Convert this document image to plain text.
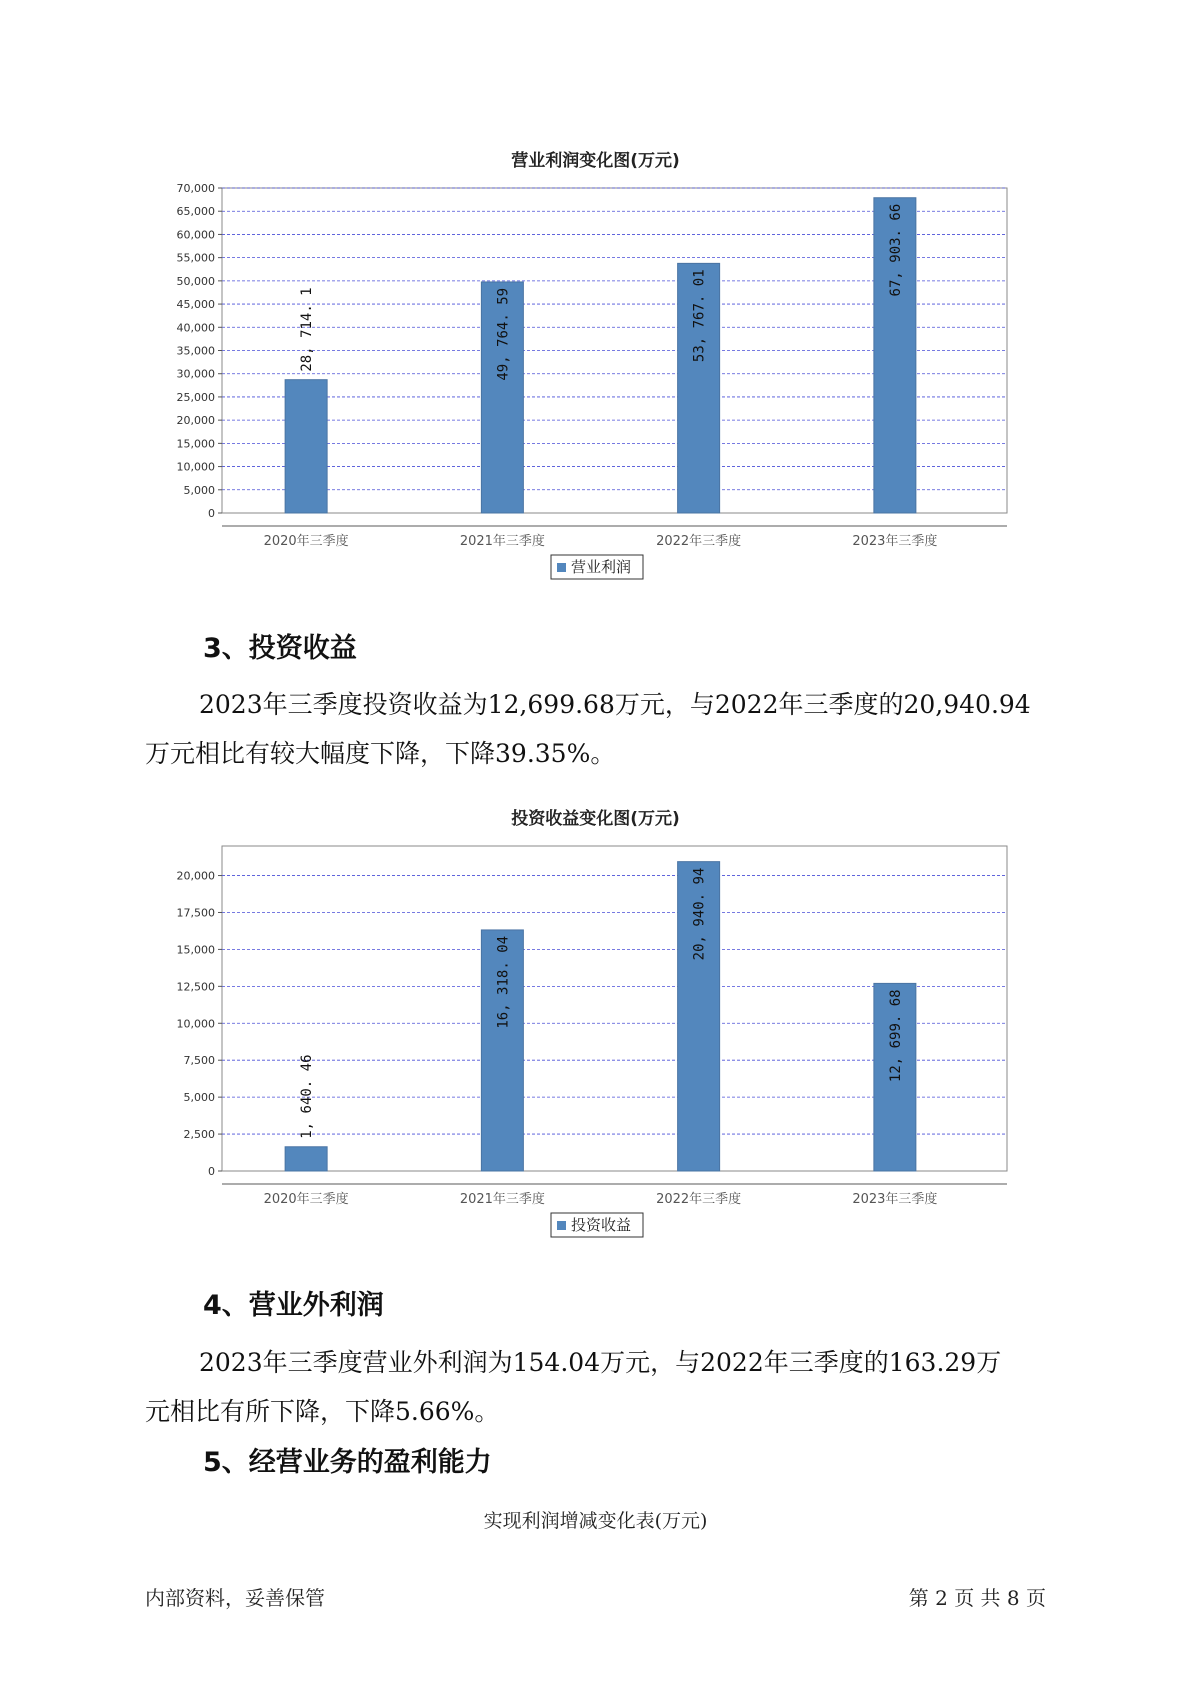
营业利润变化图(万元)
0
5,000
10,000
15,000
20,000
25,000
30,000
35,000
40,000
45,000
50,000
55,000
60,000
65,000
70,000
28, 714. 1
2020年三季度
49, 764. 59
2021年三季度
53, 767. 01
2022年三季度
67, 903. 66
2023年三季度
营业利润
3、投资收益

2023年三季度投资收益为12,699.68万元，与2022年三季度的20,940.94
万元相比有较大幅度下降，下降39.35%。

投资收益变化图(万元)
0
2,500
5,000
7,500
10,000
12,500
15,000
17,500
20,000
1, 640. 46
2020年三季度
16, 318. 04
2021年三季度
20, 940. 94
2022年三季度
12, 699. 68
2023年三季度
投资收益
4、营业外利润

2023年三季度营业外利润为154.04万元，与2022年三季度的163.29万
元相比有所下降，下降5.66%。

5、经营业务的盈利能力
实现利润增减变化表(万元)
内部资料，妥善保管	第 2 页 共 8 页
